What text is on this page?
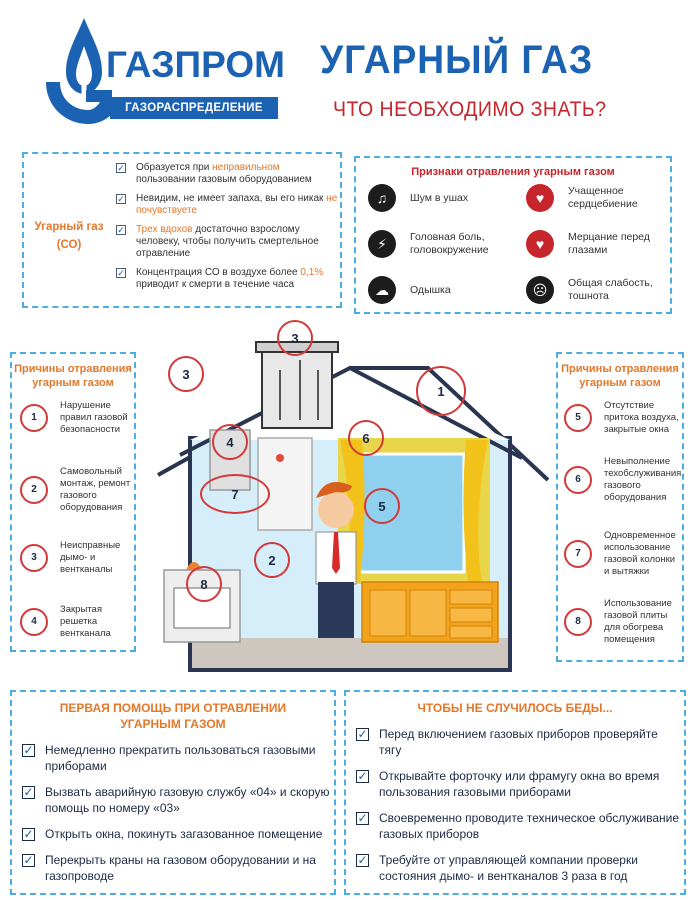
ГАЗПРОМ
ГАЗОРАСПРЕДЕЛЕНИЕ
УГАРНЫЙ ГАЗ
ЧТО НЕОБХОДИМО ЗНАТЬ?
Угарный газ (СО)
✓ Образуется при неправильном пользовании газовым оборудованием
✓ Невидим, не имеет запаха, вы его никак не почувствуете
✓ Трех вдохов достаточно взрослому человеку, чтобы получить смертельное отравление
✓ Концентрация СО в воздухе более 0,1% приводит к смерти в течение часа
Признаки отравления угарным газом
♫	Шум в ушах	♥	Учащенное сердцебиение
⚡	Головная боль, головокружение	♥	Мерцание перед глазами
☁	Одышка	☹	Общая слабость, тошнота
Причины отравления угарным газом
1
Нарушение правил газовой безопасности
2
Самовольный монтаж, ремонт газового оборудования
3
Неисправные дымо- и вентканалы
4
Закрытая решетка вентканала
Причины отравления угарным газом
5
Отсутствие притока воздуха, закрытые окна
6
Невыполнение техобслуживания газового оборудования
7
Одновременное использование газовой колонки и вытяжки
8
Использование газовой плиты для обогрева помещения
1
2
3
3
4
5
6
7
8
ПЕРВАЯ ПОМОЩЬ ПРИ ОТРАВЛЕНИИ УГАРНЫМ ГАЗОМ
✓ Немедленно прекратить пользоваться газовыми приборами
✓ Вызвать аварийную газовую службу «04» и скорую помощь по номеру «03»
✓ Открыть окна, покинуть загазованное помещение
✓ Перекрыть краны на газовом оборудовании и на газопроводе
ЧТОБЫ НЕ СЛУЧИЛОСЬ БЕДЫ...
✓ Перед включением газовых приборов проверяйте тягу
✓ Открывайте форточку или фрамугу окна во время пользования газовыми приборами
✓ Своевременно проводите техническое обслуживание газовых приборов
✓ Требуйте от управляющей компании проверки состояния дымо- и вентканалов 3 раза в год
